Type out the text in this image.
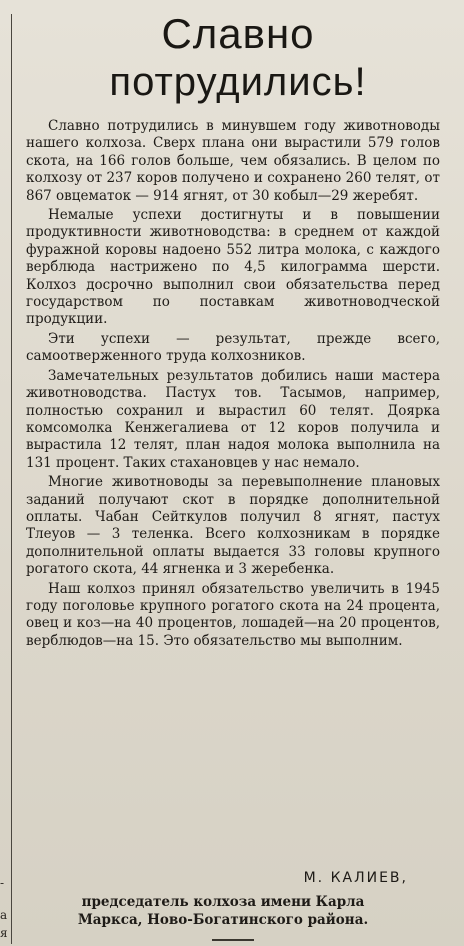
-
а
я
Славно
потрудились!

Славно потрудились в минувшем году животноводы нашего колхоза. Сверх плана они вырастили 579 голов скота, на 166 голов больше, чем обязались. В целом по колхозу от 237 коров получено и сохранено 260 телят, от 867 овцематок — 914 ягнят, от 30 кобыл—29 жеребят.

Немалые успехи достигнуты и в повышении продуктивности животноводства: в среднем от каждой фуражной коровы надоено 552 литра молока, с каждого верблюда настрижено по 4,5 килограмма шерсти. Колхоз досрочно выполнил свои обязательства перед государством по поставкам животноводческой продукции.

Эти успехи — результат, прежде всего, самоотверженного труда колхозников.

Замечательных результатов добились наши мастера животноводства. Пастух тов. Тасымов, например, полностью сохранил и вырастил 60 телят. Доярка комсомолка Кенжегалиева от 12 коров получила и вырастила 12 телят, план надоя молока выполнила на 131 процент. Таких стахановцев у нас немало.

Многие животноводы за перевыполнение плановых заданий получают скот в порядке дополнительной оплаты. Чабан Сейткулов получил 8 ягнят, пастух Тлеуов — 3 теленка. Всего колхозникам в порядке дополнительной оплаты выдается 33 головы крупного рогатого скота, 44 ягненка и 3 жеребенка.

Наш колхоз принял обязательство увеличить в 1945 году поголовье крупного рогатого скота на 24 процента, овец и коз—на 40 процентов, лошадей—на 20 процентов, верблюдов—на 15. Это обязательство мы выполним.

М. КАЛИЕВ,
председатель колхоза имени Карла Маркса, Ново-Богатинского района.
